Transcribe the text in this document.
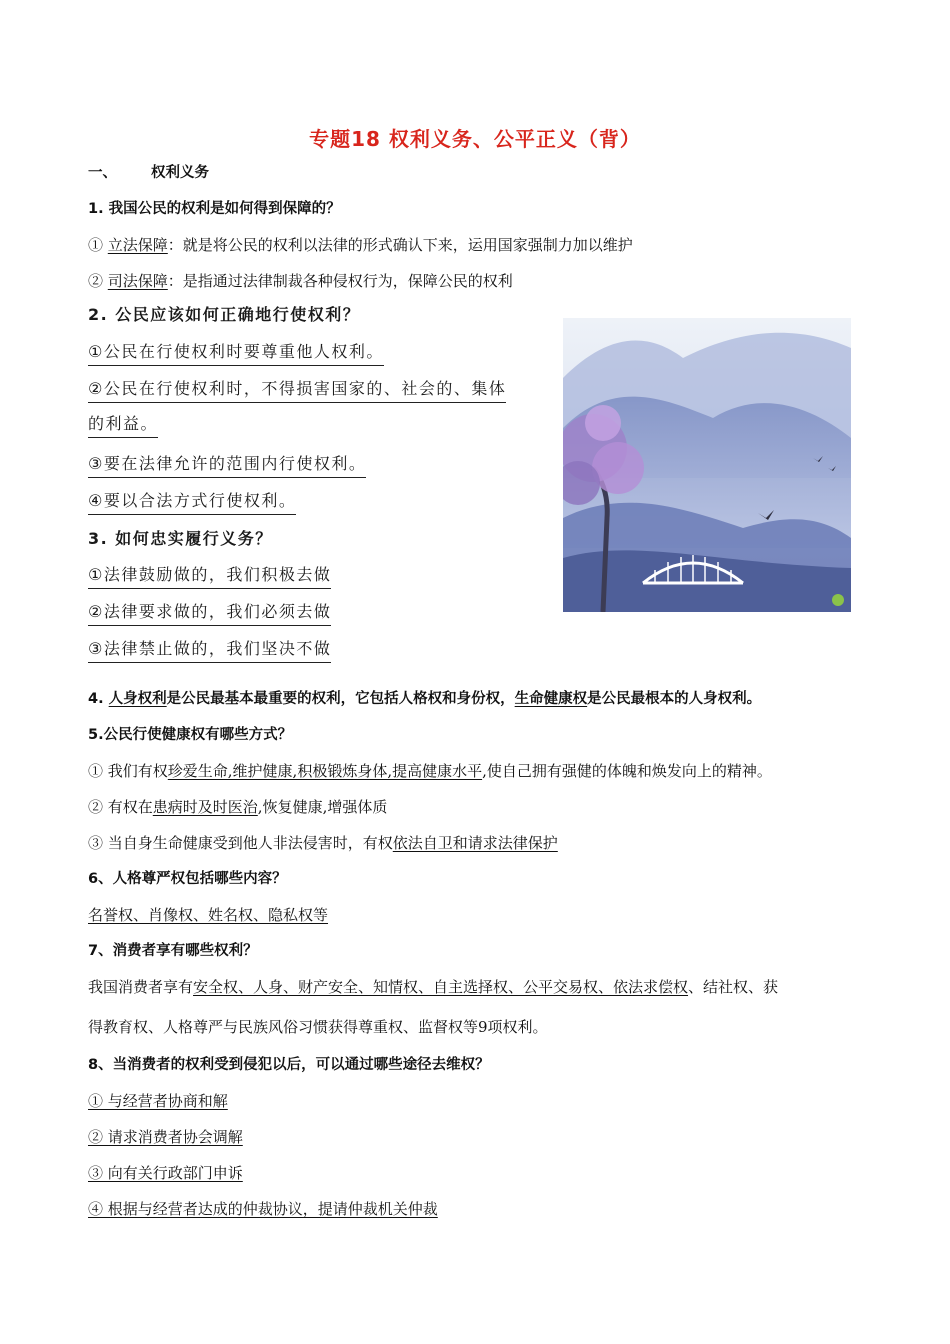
专题18 权利义务、公平正义（背）
一、 权利义务
1. 我国公民的权利是如何得到保障的？
① 立法保障：就是将公民的权利以法律的形式确认下来，运用国家强制力加以维护
② 司法保障：是指通过法律制裁各种侵权行为，保障公民的权利
2. 公民应该如何正确地行使权利？
①公民在行使权利时要尊重他人权利。
②公民在行使权利时，不得损害国家的、社会的、集体
的利益。
③要在法律允许的范围内行使权利。
④要以合法方式行使权利。
3. 如何忠实履行义务？
①法律鼓励做的，我们积极去做
②法律要求做的，我们必须去做
③法律禁止做的，我们坚决不做
4. 人身权利是公民最基本最重要的权利，它包括人格权和身份权，生命健康权是公民最根本的人身权利。
5.公民行使健康权有哪些方式？
① 我们有权珍爱生命,维护健康,积极锻炼身体,提高健康水平,使自己拥有强健的体魄和焕发向上的精神。
② 有权在患病时及时医治,恢复健康,增强体质
③ 当自身生命健康受到他人非法侵害时，有权依法自卫和请求法律保护
6、人格尊严权包括哪些内容？
名誉权、肖像权、姓名权、隐私权等
7、消费者享有哪些权利？
我国消费者享有安全权、人身、财产安全、知情权、自主选择权、公平交易权、依法求偿权、结社权、获
得教育权、人格尊严与民族风俗习惯获得尊重权、监督权等9项权利。
8、当消费者的权利受到侵犯以后，可以通过哪些途径去维权？
① 与经营者协商和解
② 请求消费者协会调解
③ 向有关行政部门申诉
④ 根据与经营者达成的仲裁协议，提请仲裁机关仲裁
